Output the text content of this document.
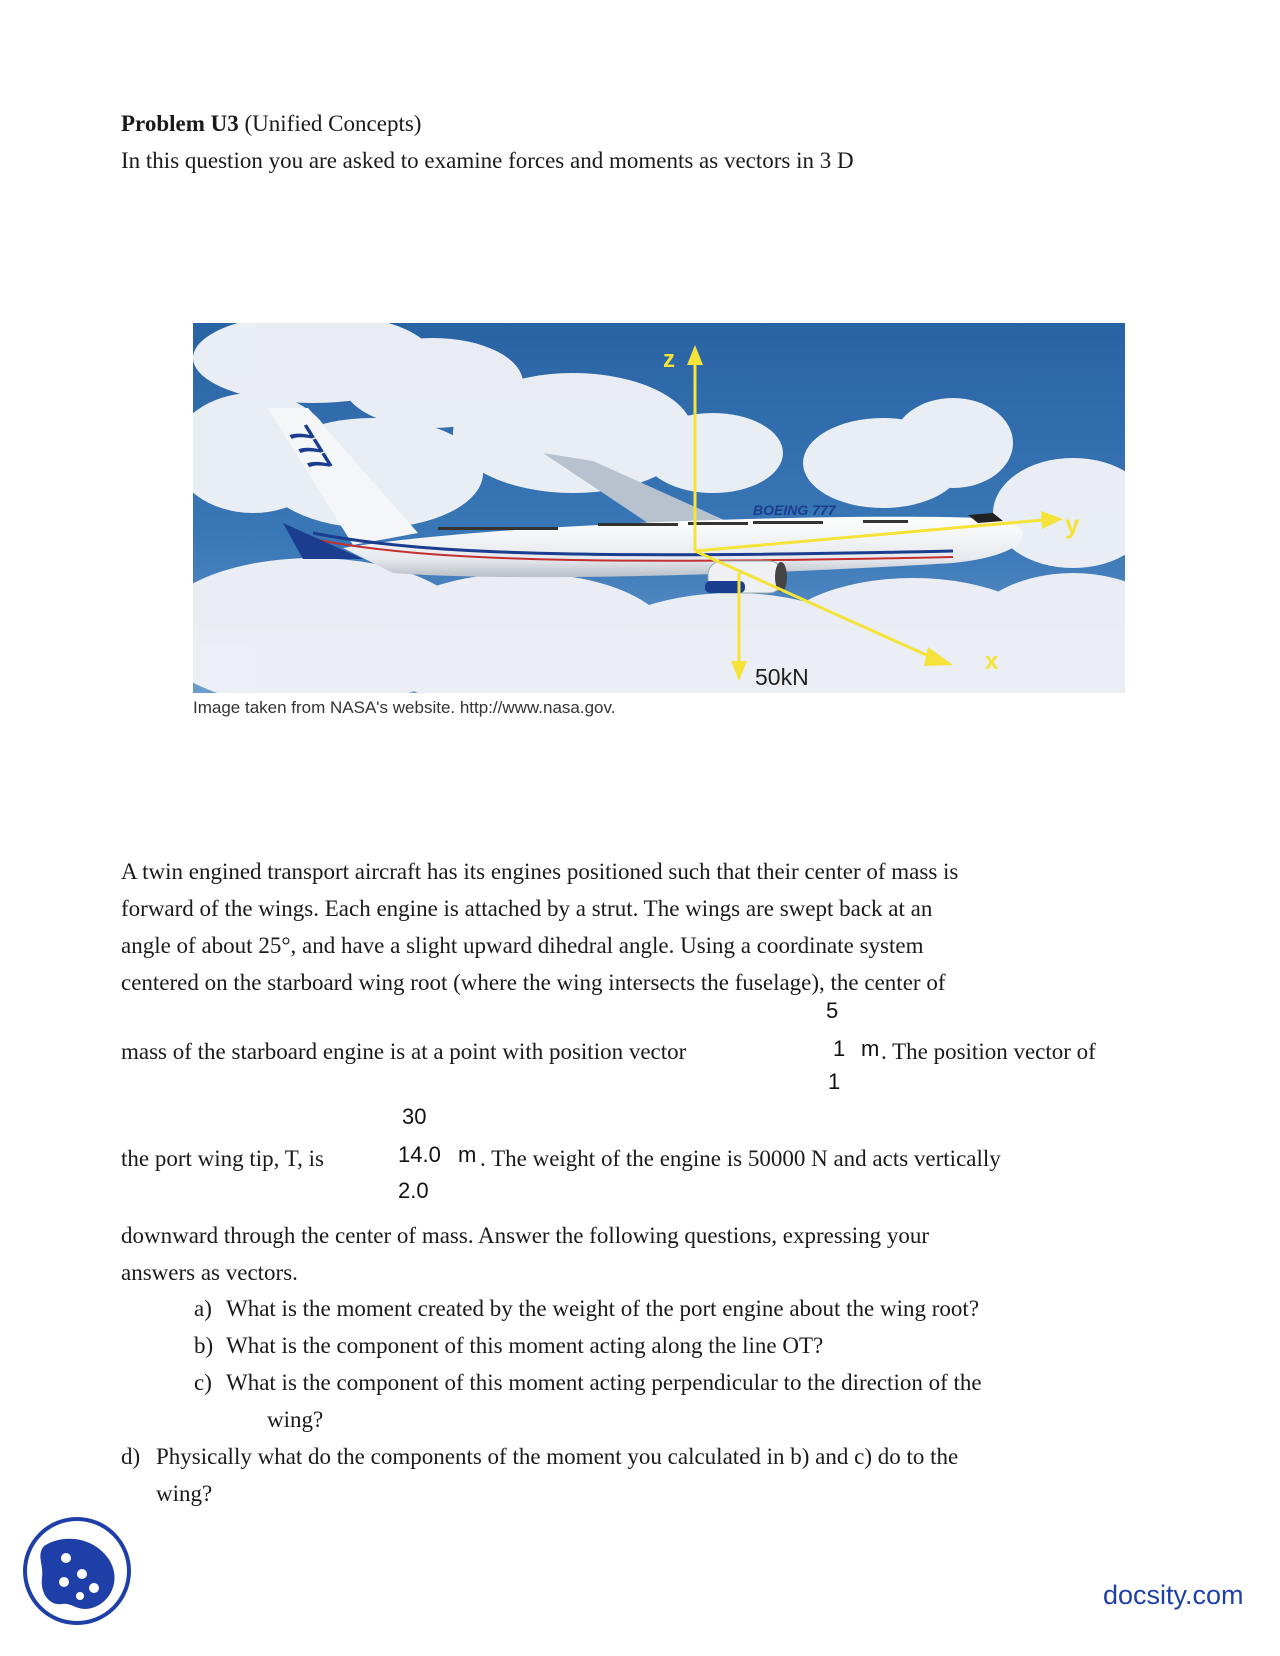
Problem U3 (Unified Concepts)
In this question you are asked to examine forces and moments as vectors in 3 D
777
BOEING 777
z
y
x
50kN
Image taken from NASA's website. http://www.nasa.gov.
A twin engined transport aircraft has its engines positioned such that their center of mass is
forward of the wings. Each engine is attached by a strut. The wings are swept back at an
angle of about 25°, and have a slight upward dihedral angle. Using a coordinate system
centered on the starboard wing root (where the wing intersects the fuselage), the center of
5
mass of the starboard engine is at a point with position vector	1 m . The position vector of
1
30
the port wing tip, T, is	14.0 m . The weight of the engine is 50000 N and acts vertically
2.0
downward through the center of mass. Answer the following questions, expressing your
answers as vectors.
a) What is the moment created by the weight of the port engine about the wing root?
b) What is the component of this moment acting along the line OT?
c) What is the component of this moment acting perpendicular to the direction of the
wing?
d) Physically what do the components of the moment you calculated in b) and c) do to the
wing?
docsity.com
